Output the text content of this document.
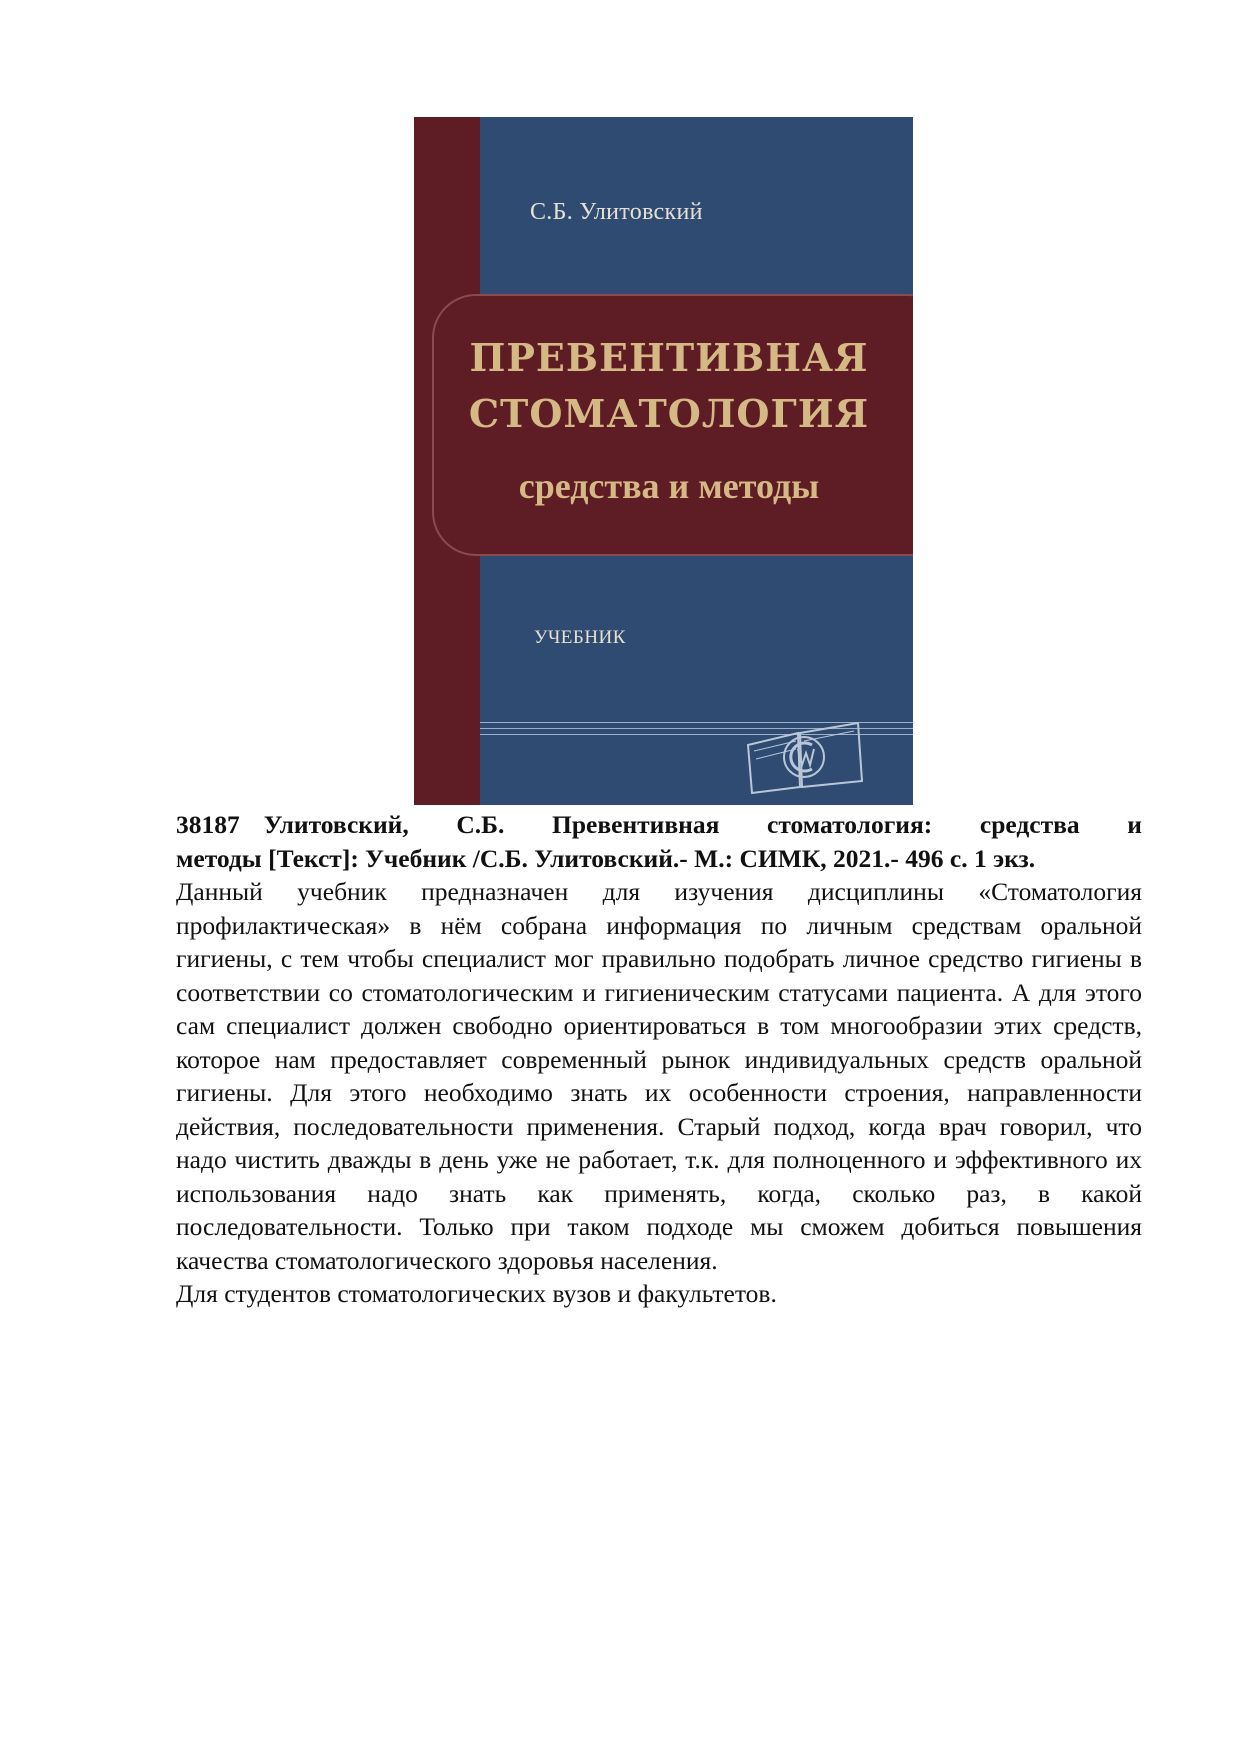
С.Б. Улитовский
ПРЕВЕНТИВНАЯ
СТОМАТОЛОГИЯ
средства и методы
УЧЕБНИК

38187 Улитовский, С.Б. Превентивная стоматология: средства и
методы [Текст]: Учебник /С.Б. Улитовский.- М.: СИМК, 2021.- 496 с. 1 экз.

Данный учебник предназначен для изучения дисциплины «Стоматология профилактическая» в нём собрана информация по личным средствам оральной гигиены, с тем чтобы специалист мог правильно подобрать личное средство гигиены в соответствии со стоматологическим и гигиеническим статусами пациента. А для этого сам специалист должен свободно ориентироваться в том многообразии этих средств, которое нам предоставляет современный рынок индивидуальных средств оральной гигиены. Для этого необходимо знать их особенности строения, направленности действия, последовательности применения. Старый подход, когда врач говорил, что надо чистить дважды в день уже не работает, т.к. для полноценного и эффективного их использования надо знать как применять, когда, сколько раз, в какой последовательности. Только при таком подходе мы сможем добиться повышения качества стоматологического здоровья населения.

Для студентов стоматологических вузов и факультетов.
